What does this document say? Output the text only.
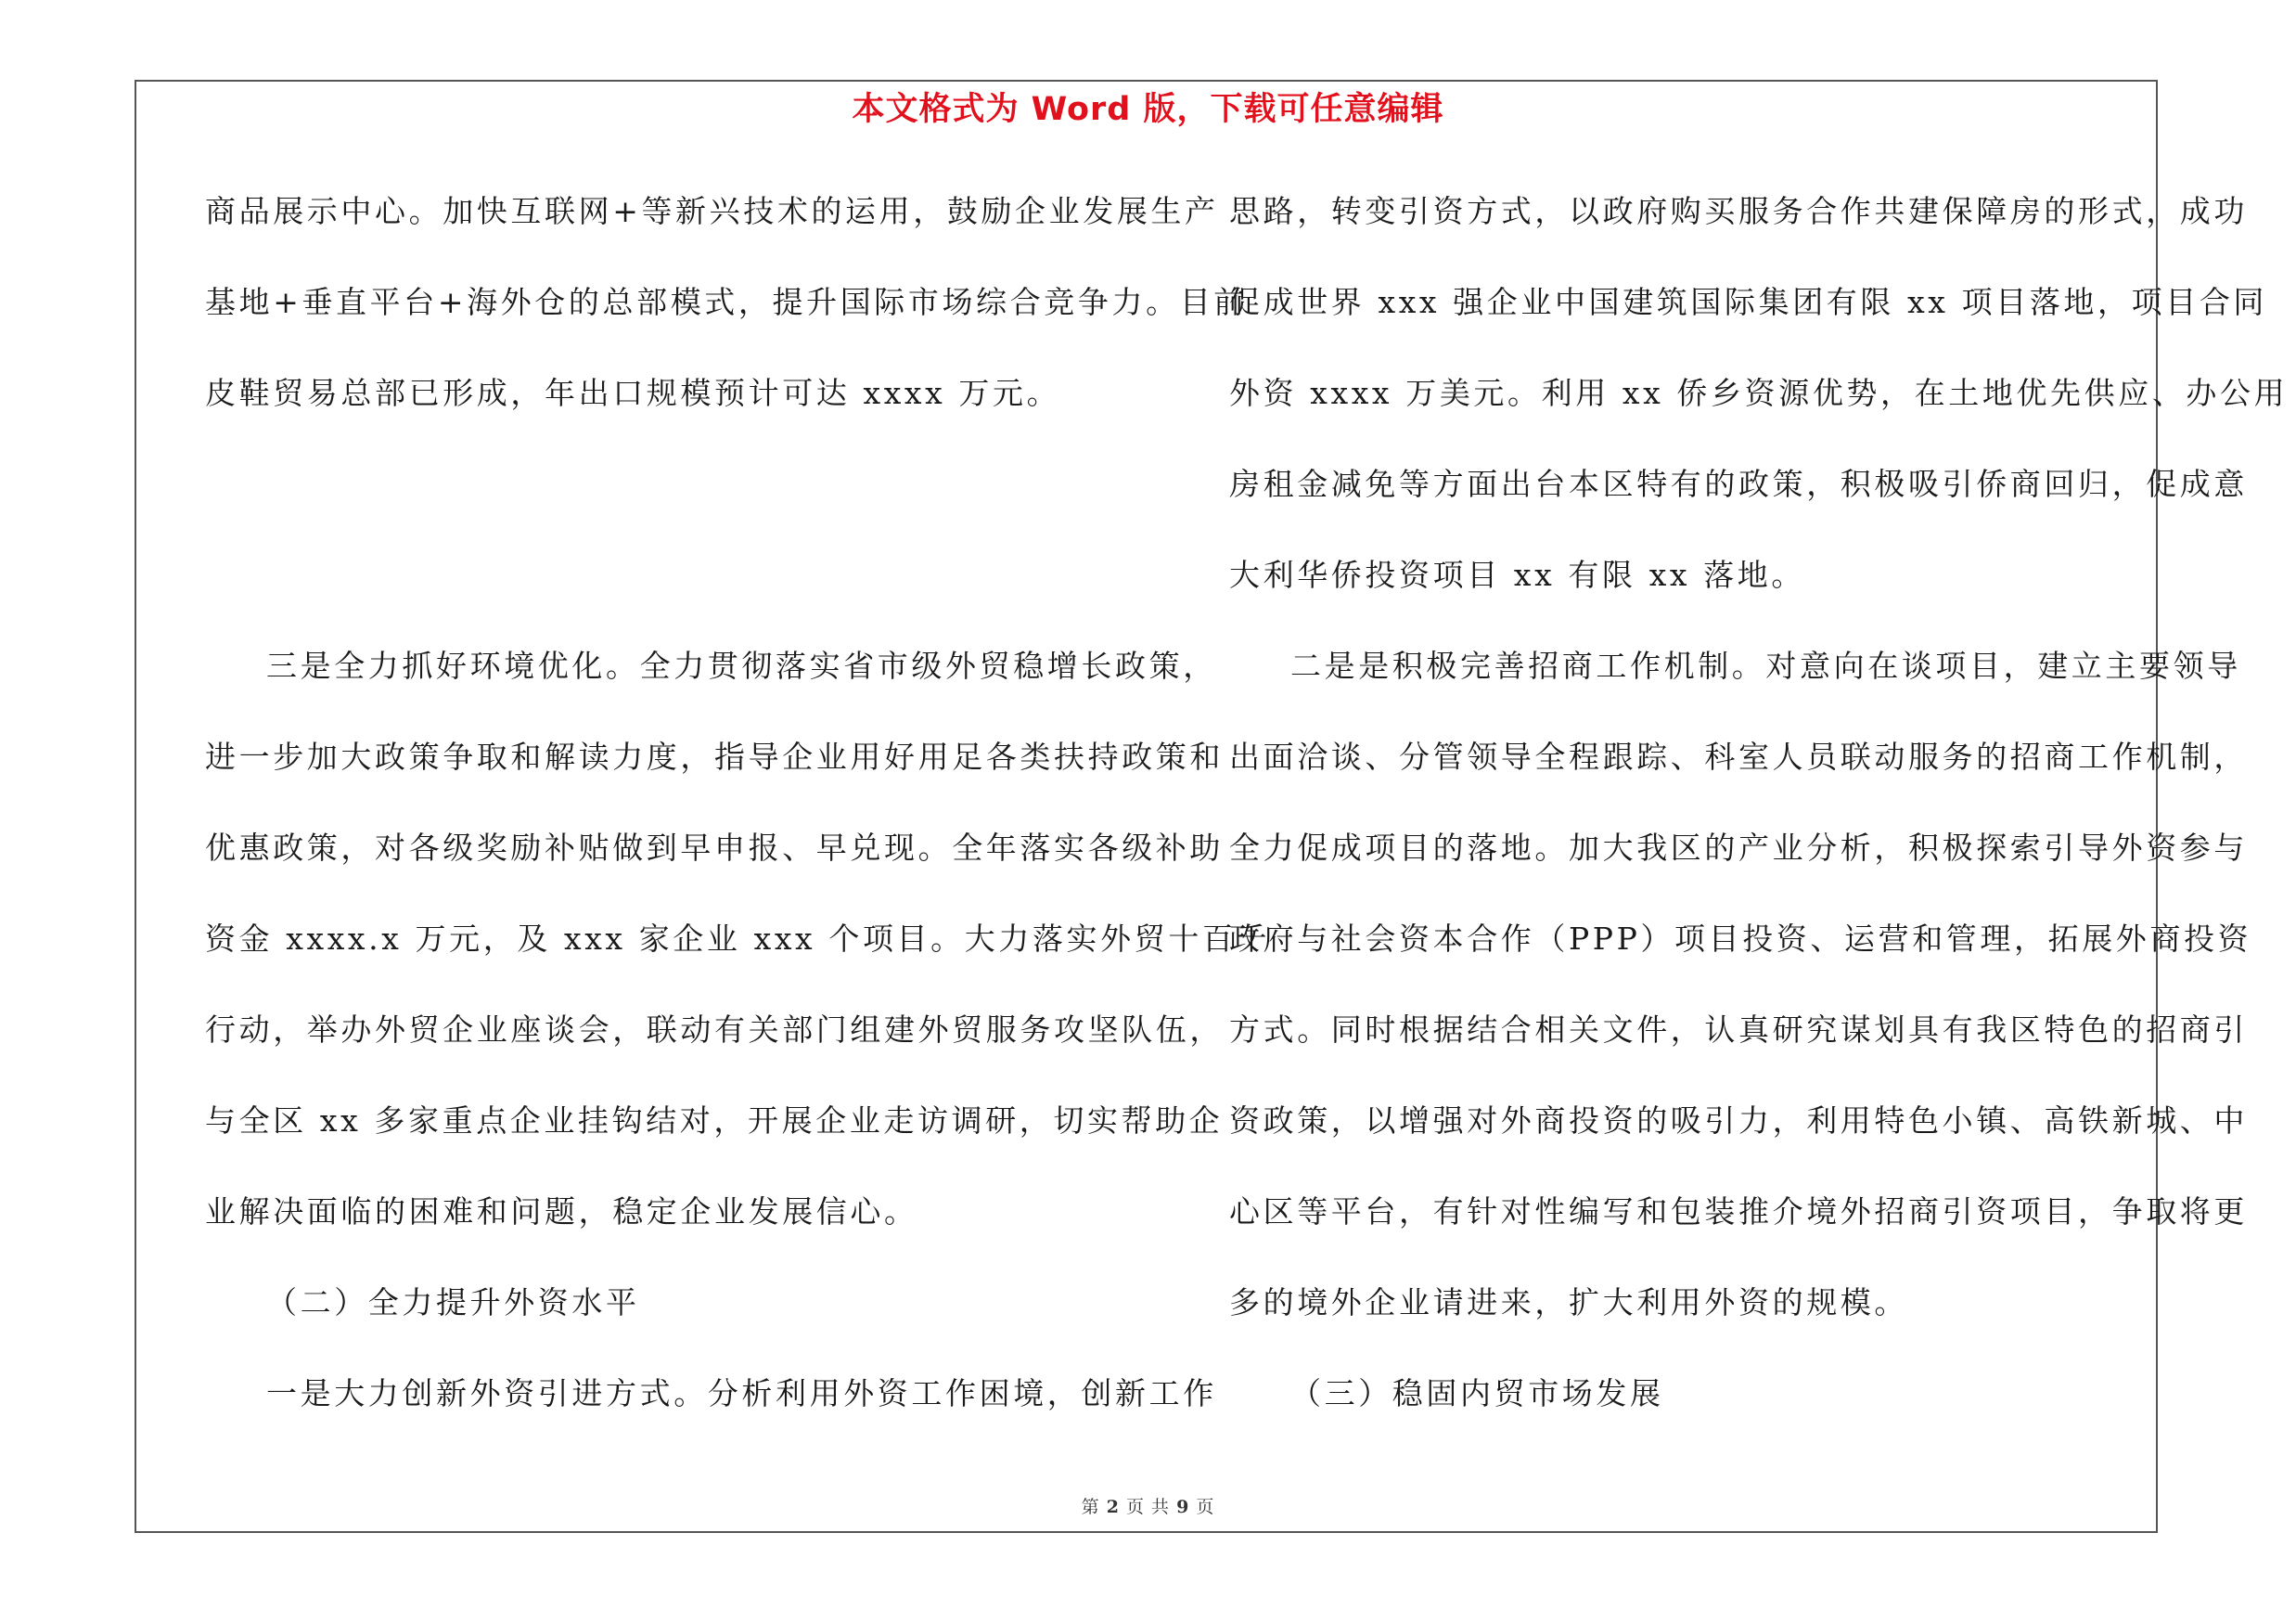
本文格式为 Word 版，下载可任意编辑
商品展示中心。加快互联网+等新兴技术的运用，鼓励企业发展生产
基地+垂直平台+海外仓的总部模式，提升国际市场综合竞争力。目前
皮鞋贸易总部已形成，年出口规模预计可达 xxxx 万元。
三是全力抓好环境优化。全力贯彻落实省市级外贸稳增长政策，
进一步加大政策争取和解读力度，指导企业用好用足各类扶持政策和
优惠政策，对各级奖励补贴做到早申报、早兑现。全年落实各级补助
资金 xxxx.x 万元，及 xxx 家企业 xxx 个项目。大力落实外贸十百千
行动，举办外贸企业座谈会，联动有关部门组建外贸服务攻坚队伍，
与全区 xx 多家重点企业挂钩结对，开展企业走访调研，切实帮助企
业解决面临的困难和问题，稳定企业发展信心。
（二）全力提升外资水平
一是大力创新外资引进方式。分析利用外资工作困境，创新工作
思路，转变引资方式，以政府购买服务合作共建保障房的形式，成功
促成世界 xxx 强企业中国建筑国际集团有限 xx 项目落地，项目合同
外资 xxxx 万美元。利用 xx 侨乡资源优势，在土地优先供应、办公用
房租金减免等方面出台本区特有的政策，积极吸引侨商回归，促成意
大利华侨投资项目 xx 有限 xx 落地。
二是是积极完善招商工作机制。对意向在谈项目，建立主要领导
出面洽谈、分管领导全程跟踪、科室人员联动服务的招商工作机制，
全力促成项目的落地。加大我区的产业分析，积极探索引导外资参与
政府与社会资本合作（PPP）项目投资、运营和管理，拓展外商投资
方式。同时根据结合相关文件，认真研究谋划具有我区特色的招商引
资政策，以增强对外商投资的吸引力，利用特色小镇、高铁新城、中
心区等平台，有针对性编写和包装推介境外招商引资项目，争取将更
多的境外企业请进来，扩大利用外资的规模。
（三）稳固内贸市场发展
第 2 页 共 9 页
